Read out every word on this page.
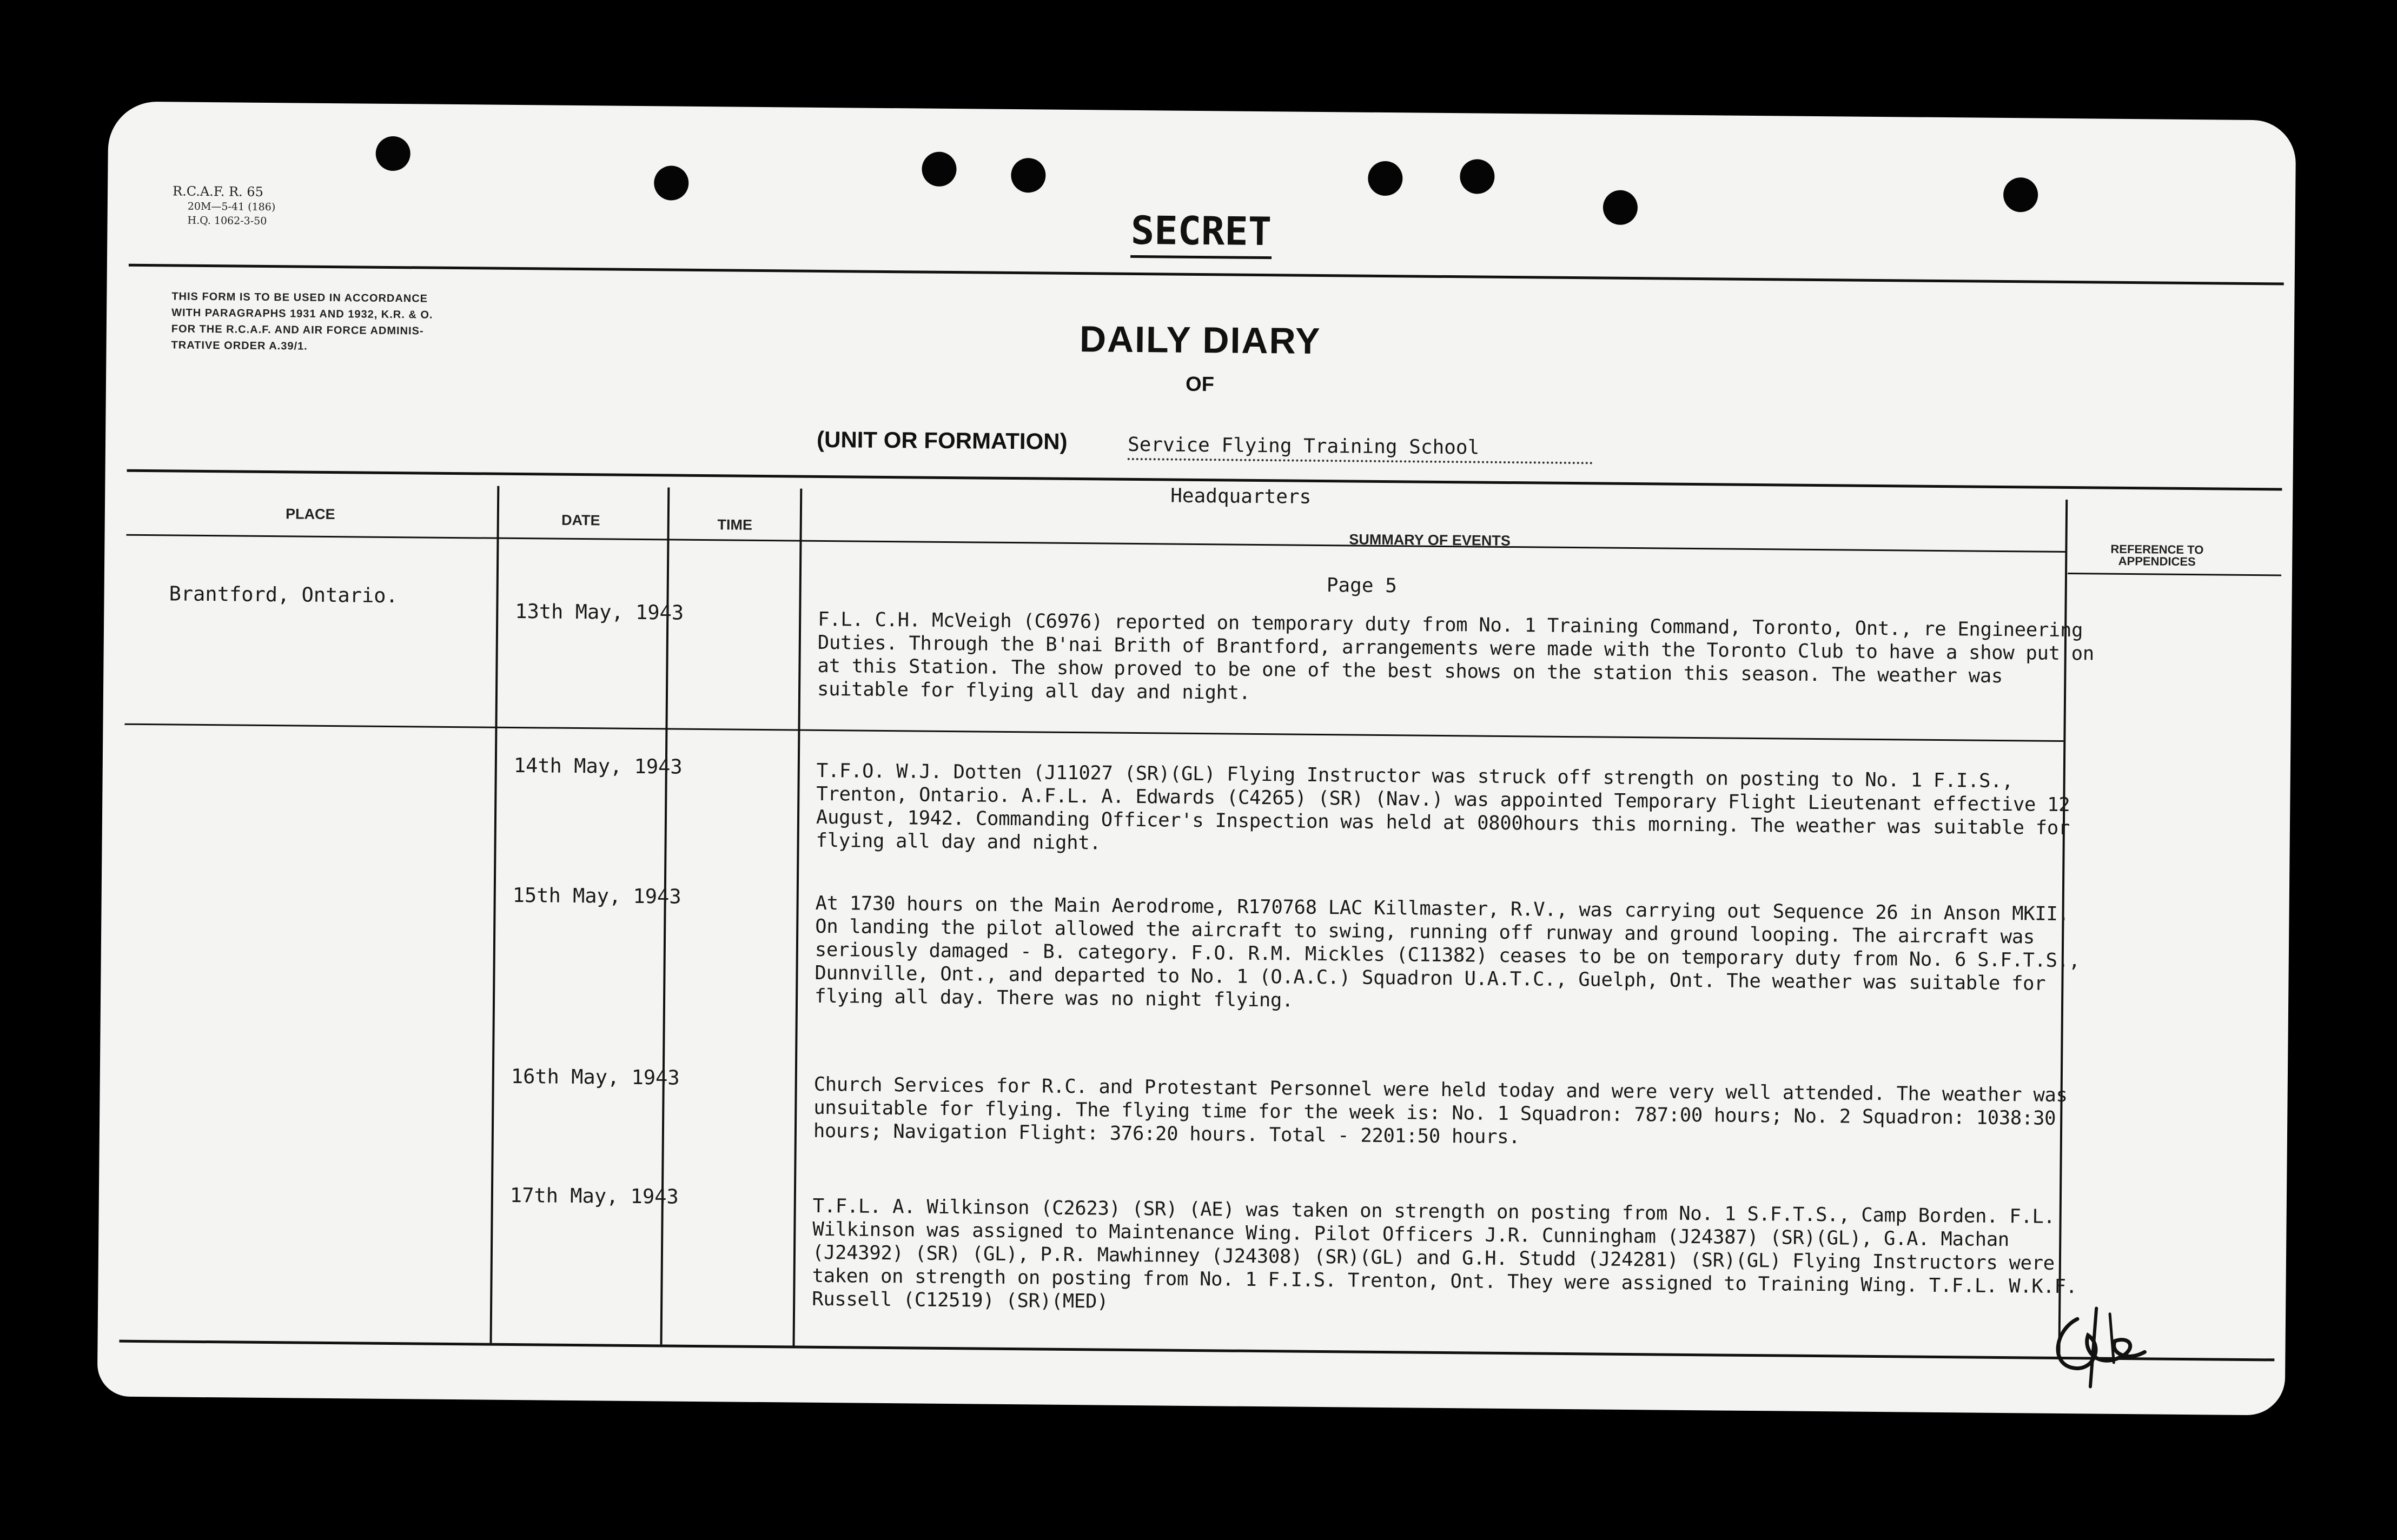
R.C.A.F. R. 65
20M—5-41 (186)
H.Q. 1062-3-50	SECRET
THIS FORM IS TO BE USED IN ACCORDANCE
WITH PARAGRAPHS 1931 AND 1932, K.R. & O.
FOR THE R.C.A.F. AND AIR FORCE ADMINIS-
TRATIVE ORDER A.39/1.	DAILY DIARY
OF
(UNIT OR FORMATION)	Service Flying Training School
Headquarters
PLACE	DATE	TIME
SUMMARY OF EVENTS
REFERENCE TO APPENDICES
Page 5
Brantford, Ontario.
13th May, 1943	F.L. C.H. McVeigh (C6976) reported on temporary duty from No. 1 Training Command, Toronto, Ont., re Engineering Duties. Through the B'nai Brith of Brantford, arrangements were made with the Toronto Club to have a show put on at this Station. The show proved to be one of the best shows on the station this season. The weather was suitable for flying all day and night.
14th May, 1943	T.F.O. W.J. Dotten (J11027 (SR)(GL) Flying Instructor was struck off strength on posting to No. 1 F.I.S., Trenton, Ontario. A.F.L. A. Edwards (C4265) (SR) (Nav.) was appointed Temporary Flight Lieutenant effective 12 August, 1942. Commanding Officer's Inspection was held at 0800hours this morning. The weather was suitable for flying all day and night.
15th May, 1943	At 1730 hours on the Main Aerodrome, R170768 LAC Killmaster, R.V., was carrying out Sequence 26 in Anson MKII. On landing the pilot allowed the aircraft to swing, running off runway and ground looping. The aircraft was seriously damaged - B. category. F.O. R.M. Mickles (C11382) ceases to be on temporary duty from No. 6 S.F.T.S., Dunnville, Ont., and departed to No. 1 (O.A.C.) Squadron U.A.T.C., Guelph, Ont. The weather was suitable for flying all day. There was no night flying.
16th May, 1943	Church Services for R.C. and Protestant Personnel were held today and were very well attended. The weather was unsuitable for flying. The flying time for the week is: No. 1 Squadron: 787:00 hours; No. 2 Squadron: 1038:30 hours; Navigation Flight: 376:20 hours. Total - 2201:50 hours.
17th May, 1943	T.F.L. A. Wilkinson (C2623) (SR) (AE) was taken on strength on posting from No. 1 S.F.T.S., Camp Borden. F.L. Wilkinson was assigned to Maintenance Wing. Pilot Officers J.R. Cunningham (J24387) (SR)(GL), G.A. Machan (J24392) (SR) (GL), P.R. Mawhinney (J24308) (SR)(GL) and G.H. Studd (J24281) (SR)(GL) Flying Instructors were taken on strength on posting from No. 1 F.I.S. Trenton, Ont. They were assigned to Training Wing. T.F.L. W.K.F. Russell (C12519) (SR)(MED)
